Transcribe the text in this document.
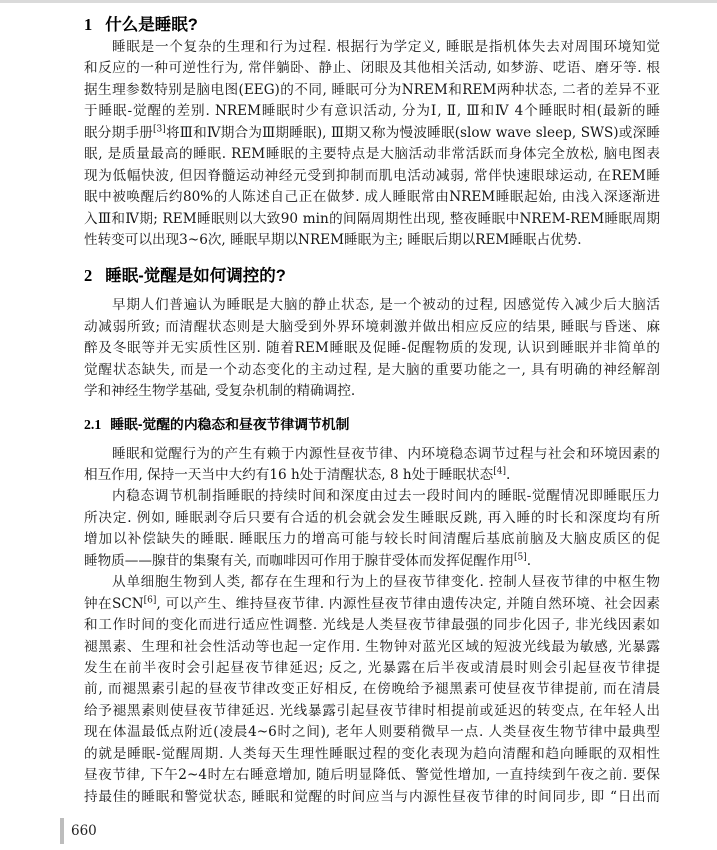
1 什么是睡眠?
睡眠是一个复杂的生理和行为过程. 根据行为学定义, 睡眠是指机体失去对周围环境知觉
和反应的一种可逆性行为, 常伴躺卧、静止、闭眼及其他相关活动, 如梦游、呓语、磨牙等. 根
据生理参数特别是脑电图(EEG)的不同, 睡眠可分为NREM和REM两种状态, 二者的差异不亚
于睡眠-觉醒的差别. NREM睡眠时少有意识活动, 分为Ⅰ, Ⅱ, Ⅲ和Ⅳ 4个睡眠时相(最新的睡
眠分期手册[3]将Ⅲ和Ⅳ期合为Ⅲ期睡眠), Ⅲ期又称为慢波睡眠(slow wave sleep, SWS)或深睡
眠, 是质量最高的睡眠. REM睡眠的主要特点是大脑活动非常活跃而身体完全放松, 脑电图表
现为低幅快波, 但因脊髓运动神经元受到抑制而肌电活动减弱, 常伴快速眼球运动, 在REM睡
眠中被唤醒后约80%的人陈述自己正在做梦. 成人睡眠常由NREM睡眠起始, 由浅入深逐渐进
入Ⅲ和Ⅳ期; REM睡眠则以大致90 min的间隔周期性出现, 整夜睡眠中NREM-REM睡眠周期
性转变可以出现3~6次, 睡眠早期以NREM睡眠为主; 睡眠后期以REM睡眠占优势.
2 睡眠-觉醒是如何调控的?
早期人们普遍认为睡眠是大脑的静止状态, 是一个被动的过程, 因感觉传入减少后大脑活
动减弱所致; 而清醒状态则是大脑受到外界环境刺激并做出相应反应的结果, 睡眠与昏迷、麻
醉及冬眠等并无实质性区别. 随着REM睡眠及促睡-促醒物质的发现, 认识到睡眠并非简单的
觉醒状态缺失, 而是一个动态变化的主动过程, 是大脑的重要功能之一, 具有明确的神经解剖
学和神经生物学基础, 受复杂机制的精确调控.
2.1 睡眠-觉醒的内稳态和昼夜节律调节机制
睡眠和觉醒行为的产生有赖于内源性昼夜节律、内环境稳态调节过程与社会和环境因素的
相互作用, 保持一天当中大约有16 h处于清醒状态, 8 h处于睡眠状态[4].
内稳态调节机制指睡眠的持续时间和深度由过去一段时间内的睡眠-觉醒情况即睡眠压力
所决定. 例如, 睡眠剥夺后只要有合适的机会就会发生睡眠反跳, 再入睡的时长和深度均有所
增加以补偿缺失的睡眠. 睡眠压力的增高可能与较长时间清醒后基底前脑及大脑皮质区的促
睡物质——腺苷的集聚有关, 而咖啡因可作用于腺苷受体而发挥促醒作用[5].
从单细胞生物到人类, 都存在生理和行为上的昼夜节律变化. 控制人昼夜节律的中枢生物
钟在SCN[6], 可以产生、维持昼夜节律. 内源性昼夜节律由遗传决定, 并随自然环境、社会因素
和工作时间的变化而进行适应性调整. 光线是人类昼夜节律最强的同步化因子, 非光线因素如
褪黑素、生理和社会性活动等也起一定作用. 生物钟对蓝光区域的短波光线最为敏感, 光暴露
发生在前半夜时会引起昼夜节律延迟; 反之, 光暴露在后半夜或清晨时则会引起昼夜节律提
前, 而褪黑素引起的昼夜节律改变正好相反, 在傍晚给予褪黑素可使昼夜节律提前, 而在清晨
给予褪黑素则使昼夜节律延迟. 光线暴露引起昼夜节律时相提前或延迟的转变点, 在年轻人出
现在体温最低点附近(凌晨4~6时之间), 老年人则要稍微早一点. 人类昼夜生物节律中最典型
的就是睡眠-觉醒周期. 人类每天生理性睡眠过程的变化表现为趋向清醒和趋向睡眠的双相性
昼夜节律, 下午2~4时左右睡意增加, 随后明显降低、警觉性增加, 一直持续到午夜之前. 要保
持最佳的睡眠和警觉状态, 睡眠和觉醒的时间应当与内源性昼夜节律的时间同步, 即 “日出而
660
